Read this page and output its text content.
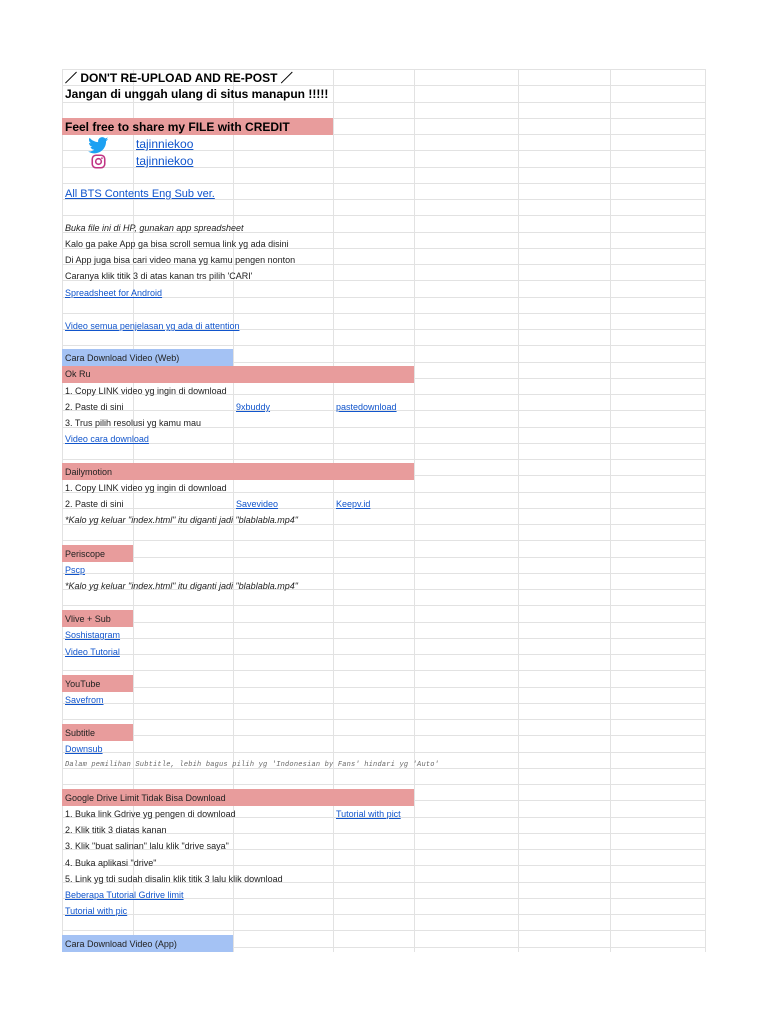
／ DON'T RE-UPLOAD AND RE-POST ／
Jangan di unggah ulang di situs manapun !!!!!
Feel free to share my FILE with CREDIT
tajinniekoo
tajinniekoo
All BTS Contents Eng Sub ver.
Buka file ini di HP, gunakan app spreadsheet
Kalo ga pake App ga bisa scroll semua link yg ada disini
Di App juga bisa cari video mana yg kamu pengen nonton
Caranya klik titik 3 di atas kanan trs pilih 'CARI'
Spreadsheet for Android
Video semua penjelasan yg ada di attention
Cara Download Video (Web)
Ok Ru
1. Copy LINK video yg ingin di download
2. Paste di sini	9xbuddy	pastedownload
3. Trus pilih resolusi yg kamu mau
Video cara download
Dailymotion
1. Copy LINK video yg ingin di download
2. Paste di sini	Savevideo	Keepv.id
*Kalo yg keluar "index.html" itu diganti jadi "blablabla.mp4"
Periscope
Pscp
*Kalo yg keluar "index.html" itu diganti jadi "blablabla.mp4"
Vlive + Sub
Soshistagram
Video Tutorial
YouTube
Savefrom
Subtitle
Downsub
Dalam pemilihan Subtitle, lebih bagus pilih yg 'Indonesian by Fans' hindari yg 'Auto'
Google Drive Limit Tidak Bisa Download
1. Buka link Gdrive yg pengen di download	Tutorial with pict
2. Klik titik 3 diatas kanan
3. Klik "buat salinan" lalu klik "drive saya"
4. Buka aplikasi "drive"
5. Link yg tdi sudah disalin klik titik 3 lalu klik download
Beberapa Tutorial Gdrive limit
Tutorial with pic
Cara Download Video (App)
